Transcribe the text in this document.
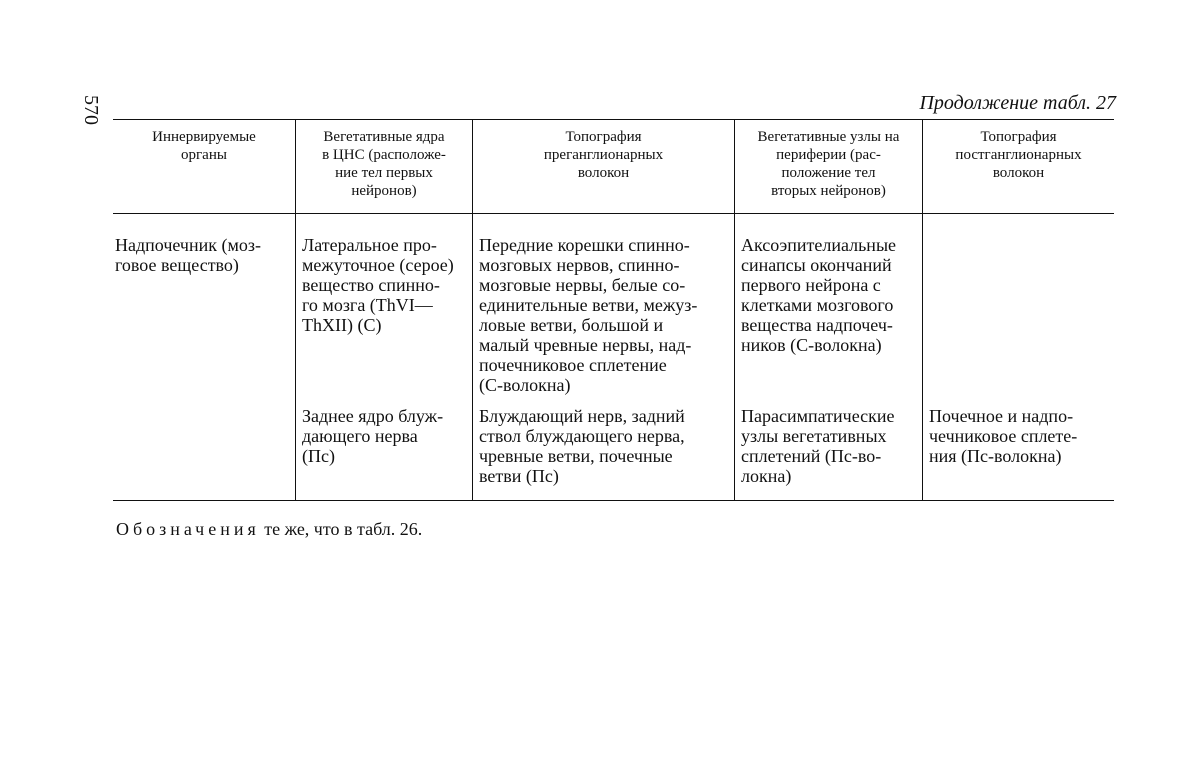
570	Продолжение табл. 27
Иннервируемые
органы
Вегетативные ядра
в ЦНС (расположе-
ние тел первых
нейронов)
Топография
преганглионарных
волокон
Вегетативные узлы на
периферии (рас-
положение тел
вторых нейронов)
Топография
постганглионарных
волокон
Надпочечник (моз-
говое вещество)
Латеральное про-
межуточное (серое)
вещество спинно-
го мозга (ThVI—
ThXII) (С)
Передние корешки спинно-
мозговых нервов, спинно-
мозговые нервы, белые со-
единительные ветви, межуз-
ловые ветви, большой и
малый чревные нервы, над-
почечниковое сплетение
(С-волокна)
Аксоэпителиальные
синапсы окончаний
первого нейрона с
клетками мозгового
вещества надпочеч-
ников (С-волокна)
Заднее ядро блуж-
дающего нерва
(Пс)
Блуждающий нерв, задний
ствол блуждающего нерва,
чревные ветви, почечные
ветви (Пс)
Парасимпатические
узлы вегетативных
сплетений (Пс-во-
локна)
Почечное и надпо-
чечниковое сплете-
ния (Пс-волокна)
Обозначения те же, что в табл. 26.
